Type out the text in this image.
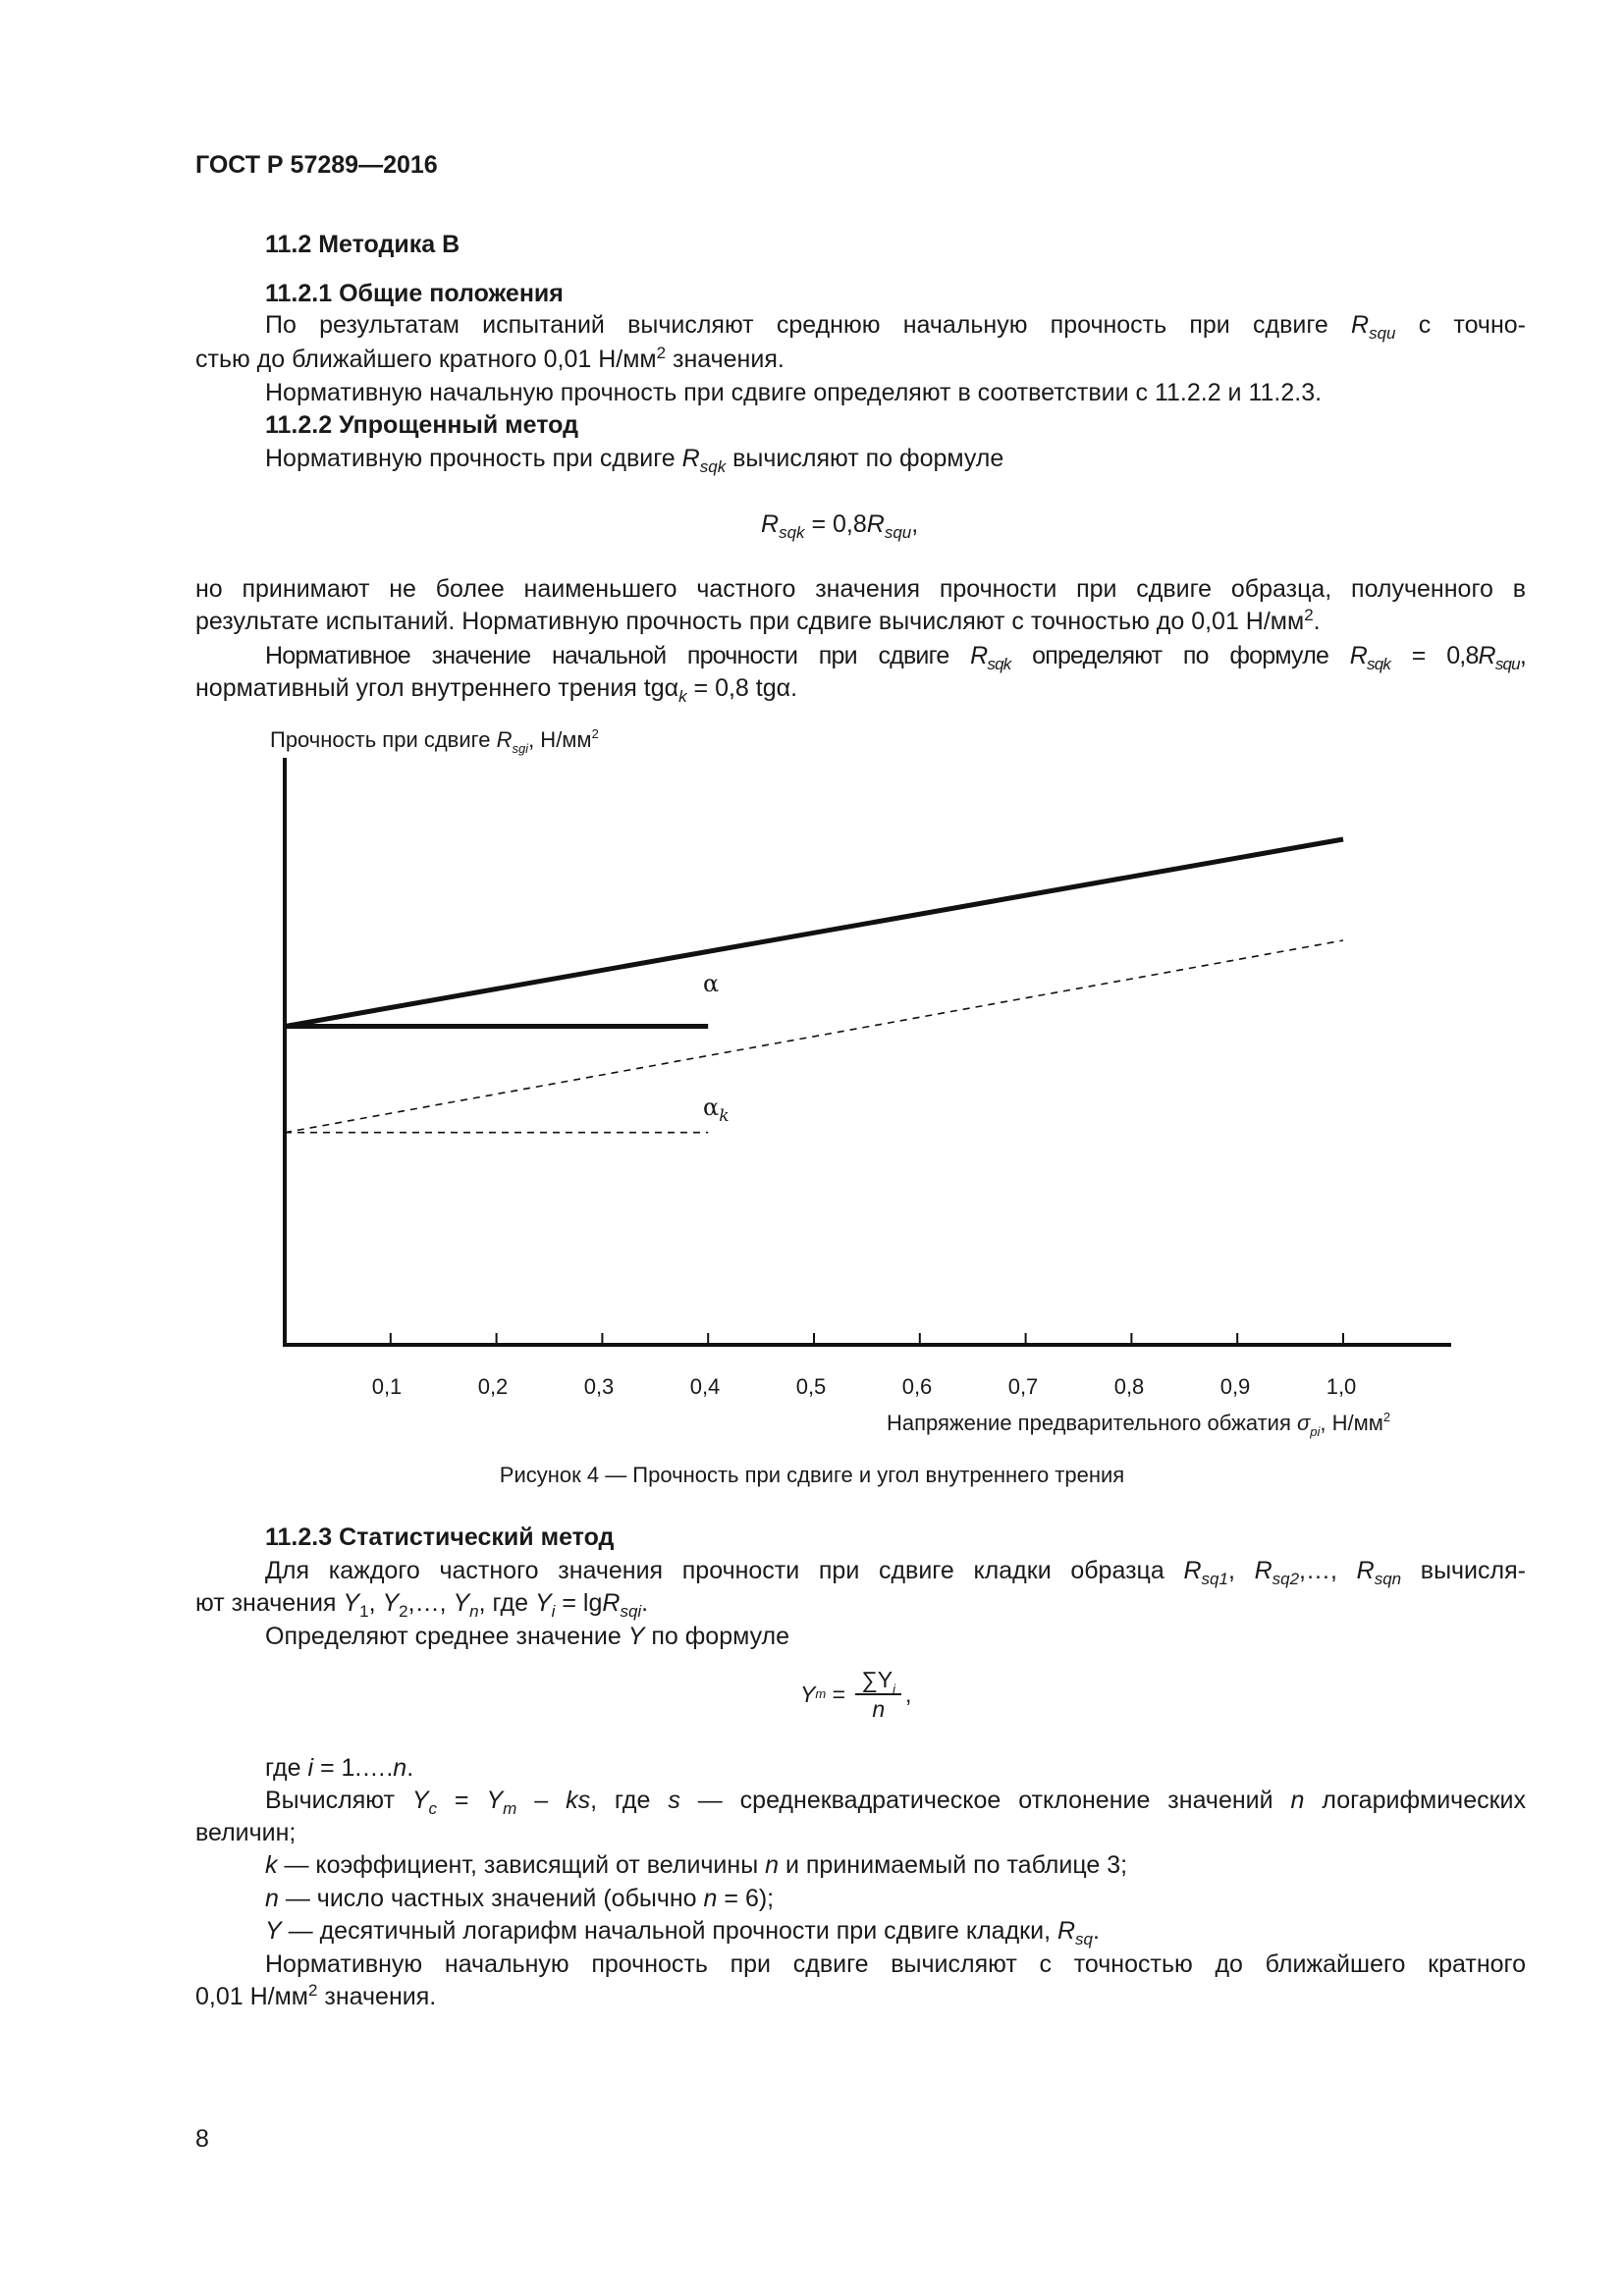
ГОСТ Р 57289—2016
11.2 Методика В
11.2.1 Общие положения
По результатам испытаний вычисляют среднюю начальную прочность при сдвиге $R_{squ}$ с точно-
стью до ближайшего кратного 0,01 $Н/мм^2$ значения.
Нормативную начальную прочность при сдвиге определяют в соответствии с 11.2.2 и 11.2.3.
11.2.2 Упрощенный метод
Нормативную прочность при сдвиге $R_{sqk}$ вычисляют по формуле
$R_{sqk} = 0,8R_{squ}$,
но принимают не более наименьшего частного значения прочности при сдвиге образца, полученного в
результате испытаний. Нормативную прочность при сдвиге вычисляют с точностью до 0,01 $Н/мм^2$.
Нормативное значение начальной прочности при сдвиге $R_{sqk}$ определяют по формуле $R_{sqk} = 0,8R_{squ}$,
нормативный угол внутреннего трения tgα$_k$ = 0,8 tgα.
Прочность при сдвиге $R_{sgi}$, $Н/мм^2$
α
$\alpha_k$
0,1	0,2	0,3	0,4	0,5	0,6	0,7	0,8	0,9	1,0
Напряжение предварительного обжатия $\sigma_{pi}$, $Н/мм^2$
Рисунок 4 — Прочность при сдвиге и угол внутреннего трения
11.2.3 Статистический метод
Для каждого частного значения прочности при сдвиге кладки образца $R_{sq1}$, $R_{sq2},\dots$, $R_{sqn}$ вычисля-
ют значения $Y_1$, $Y_2,\dots$, $Y_n$, где $Y_i = \lg R_{sqi}$.
Определяют среднее значение Y по формуле
Y $m = \frac{\sum Y_i}{n}$ ,
где i = 1.….n.
Вычисляют $Y_c = Y_m$ – ks, где s — среднеквадратическое отклонение значений n логарифмических
величин;
k — коэффициент, зависящий от величины n и принимаемый по таблице 3;
n — число частных значений (обычно n = 6);
Y — десятичный логарифм начальной прочности при сдвиге кладки, $R_{sq}$.
Нормативную начальную прочность при сдвиге вычисляют с точностью до ближайшего кратного
0,01 $Н/мм^2$ значения.
8
